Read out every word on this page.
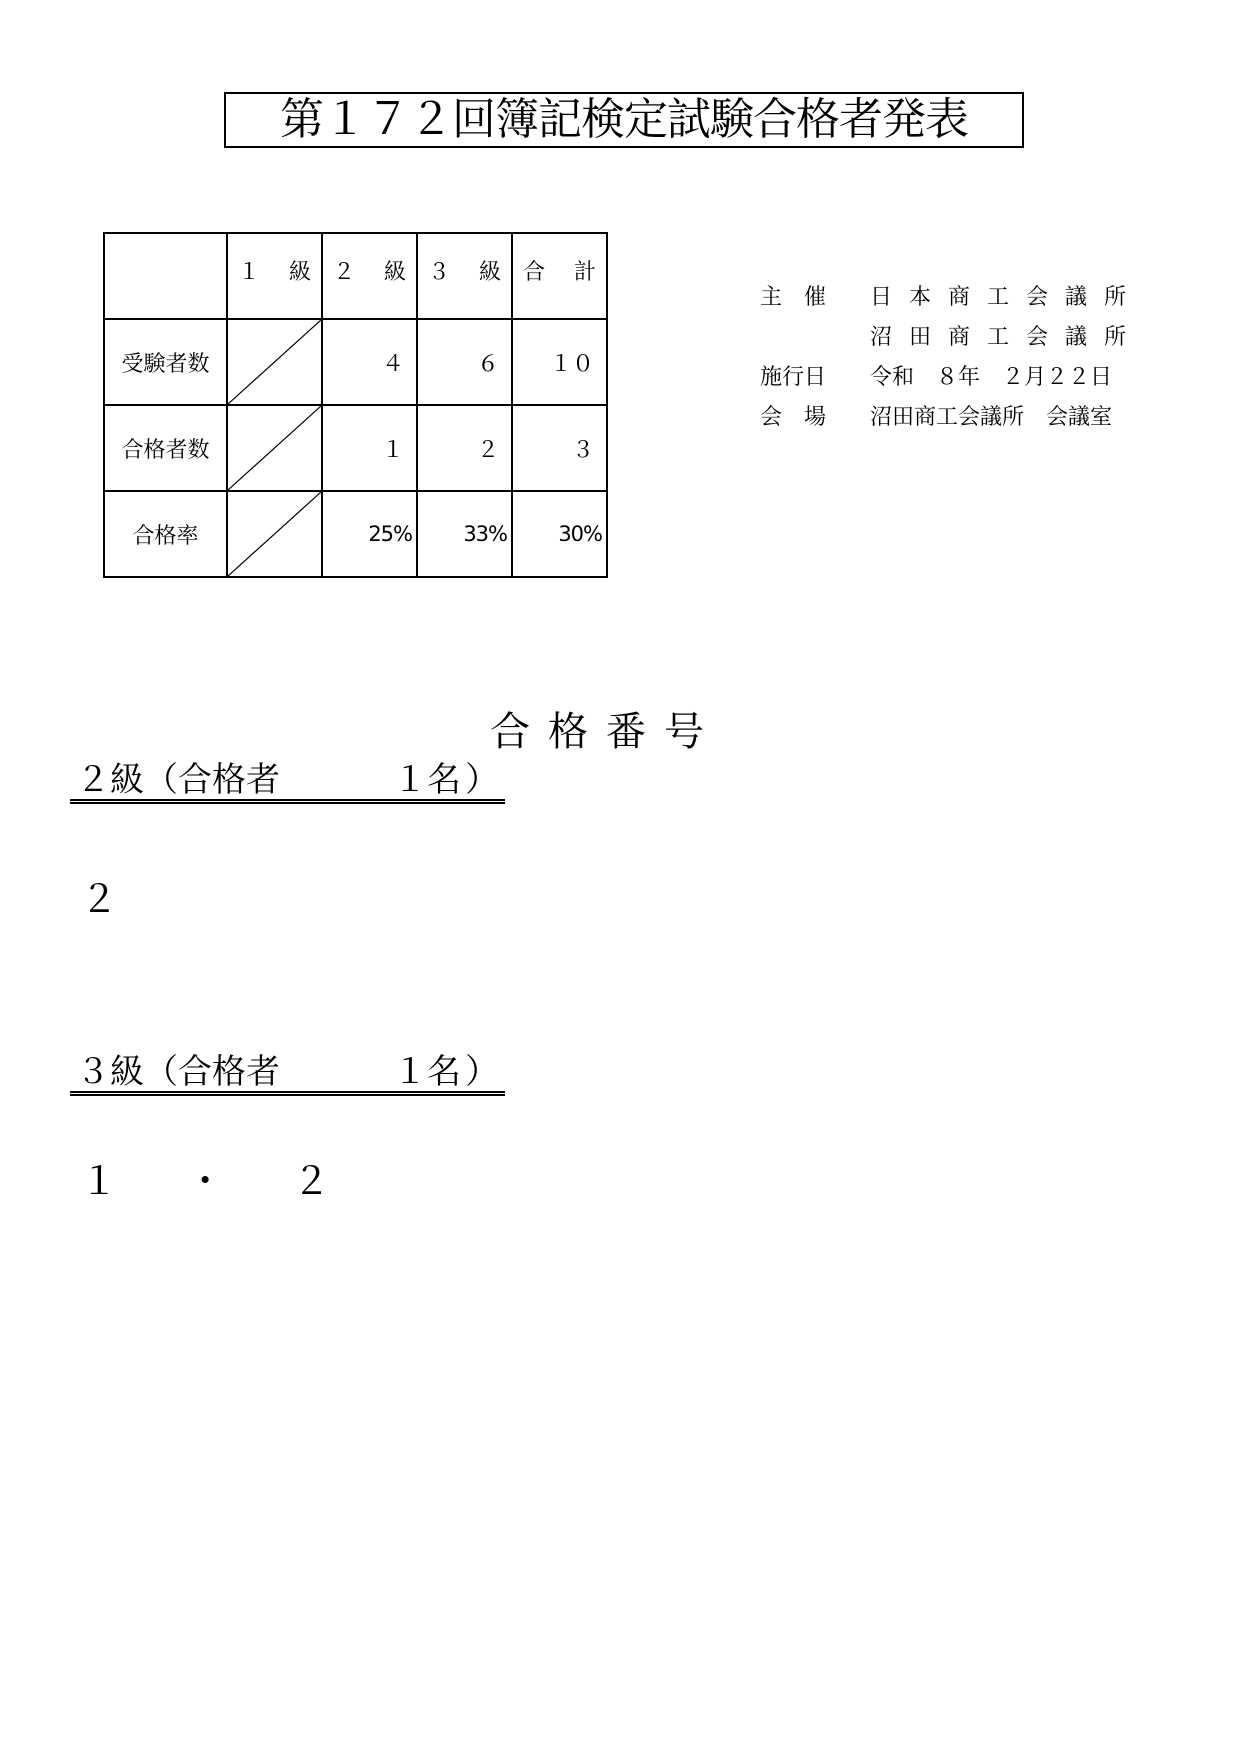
第１７２回簿記検定試験合格者発表

	１ 級	２ 級	３ 級	合 計

受験者数		４	６	１０
合格者数		１	２	３
合格率		25%	33%	30%
主　催	日本商工会議所
沼田商工会議所
施行日	令和　８年　２月２２日
会　場	沼田商工会議所　会議室
合格番号
２級（合格者	１名 ）
２
３級（合格者	１名 ）
１ ・ ２
